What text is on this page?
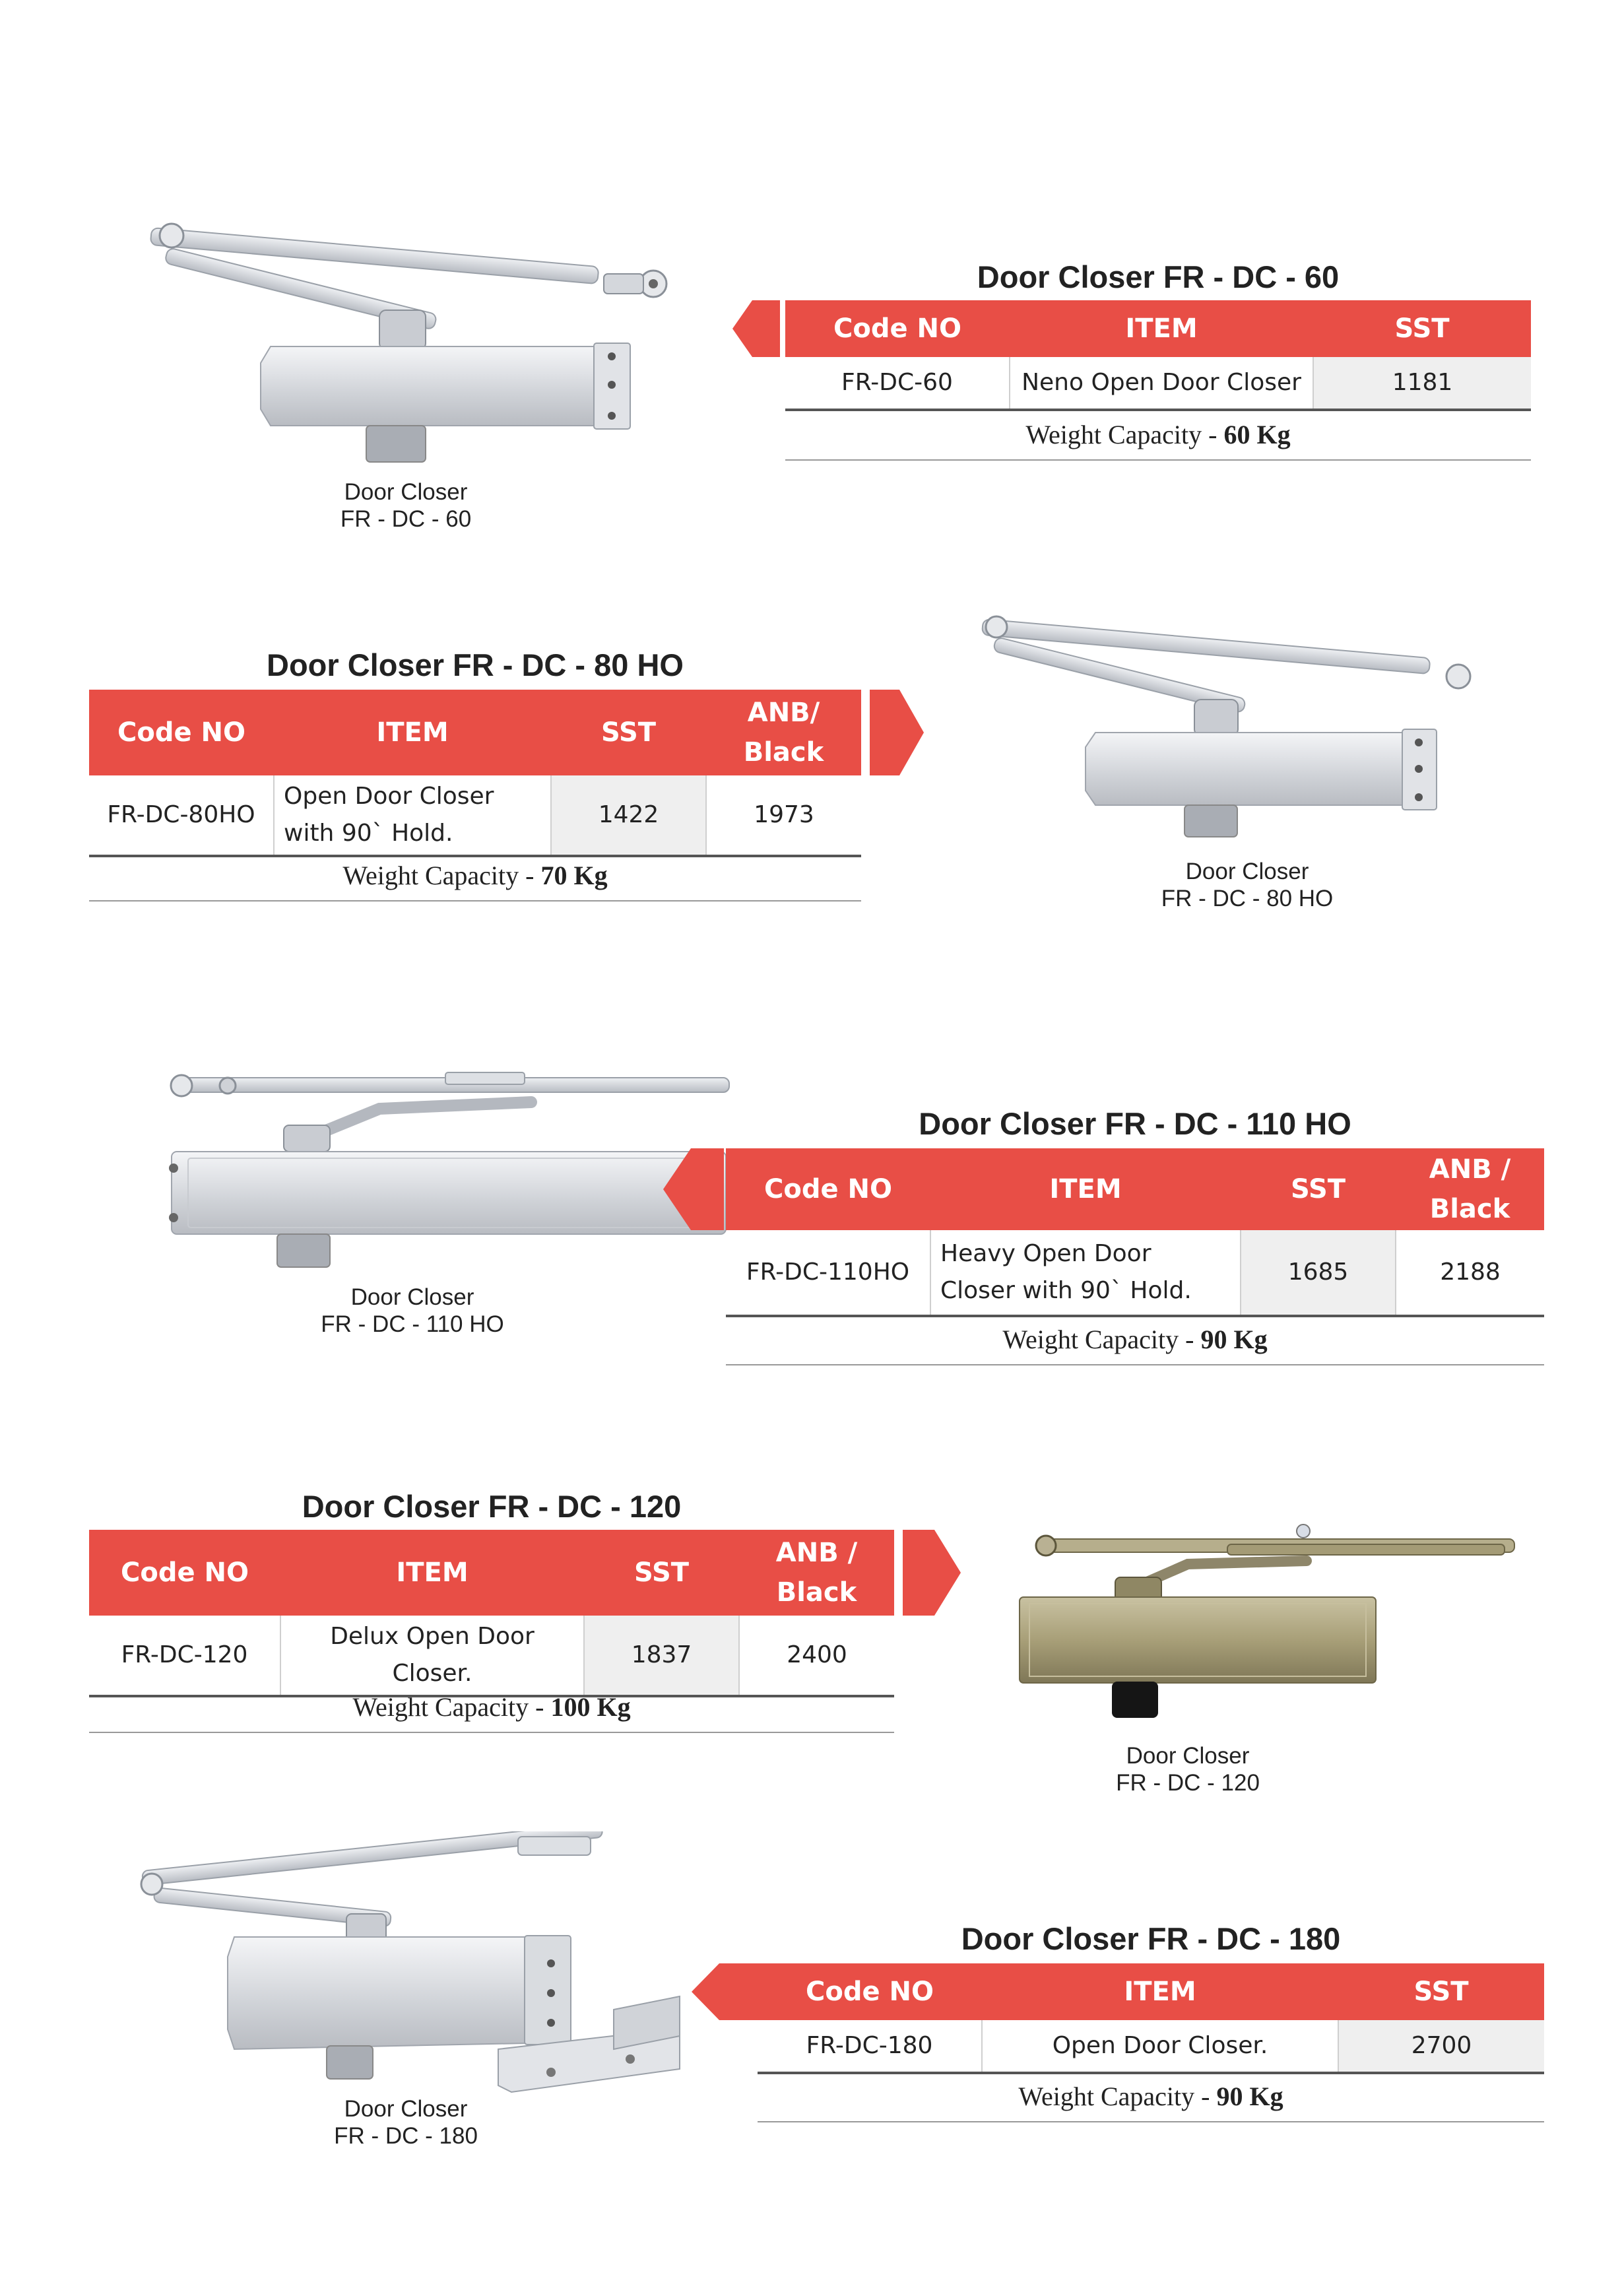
Door Closer
FR - DC - 60
Door Closer FR - DC - 60
Code NO	ITEM	SST
FR-DC-60	Neno Open Door Closer	1181
Weight Capacity - 60 Kg
Door Closer FR - DC - 80 HO
Code NO	ITEM	SST	ANB/ Black
FR-DC-80HO	Open Door Closer with 90` Hold.	1422	1973
Weight Capacity - 70 Kg	Door Closer
FR - DC - 80 HO
Door Closer
FR - DC - 110 HO
Door Closer FR - DC - 110 HO
Code NO	ITEM	SST	ANB / Black
FR-DC-110HO	Heavy Open Door Closer with 90` Hold.	1685	2188
Weight Capacity - 90 Kg
Door Closer FR - DC - 120
Code NO	ITEM	SST	ANB / Black
FR-DC-120	Delux Open Door Closer.	1837	2400
Weight Capacity - 100 Kg
Door Closer
FR - DC - 120
Door Closer
FR - DC - 180
Door Closer FR - DC - 180
Code NO	ITEM	SST
FR-DC-180	Open Door Closer.	2700
Weight Capacity - 90 Kg
